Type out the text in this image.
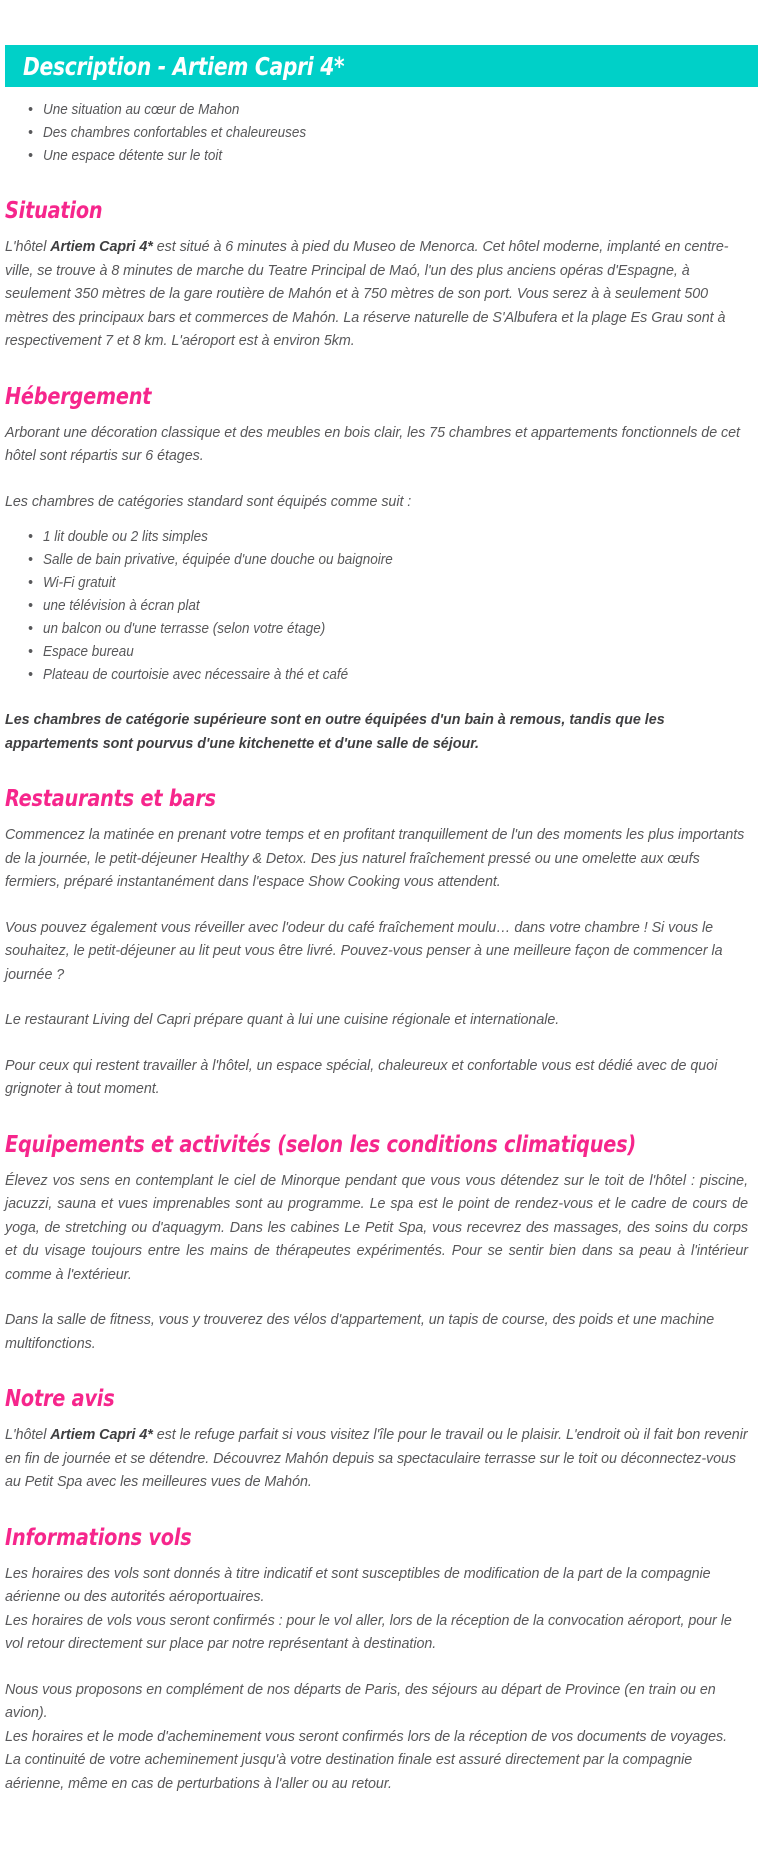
Description - Artiem Capri 4*
• Une situation au cœur de Mahon
• Des chambres confortables et chaleureuses
• Une espace détente sur le toit
Situation

L'hôtel Artiem Capri 4* est situé à 6 minutes à pied du Museo de Menorca. Cet hôtel moderne, implanté en centre-ville, se trouve à 8 minutes de marche du Teatre Principal de Maó, l'un des plus anciens opéras d'Espagne, à seulement 350 mètres de la gare routière de Mahón et à 750 mètres de son port. Vous serez à à seulement 500 mètres des principaux bars et commerces de Mahón. La réserve naturelle de S'Albufera et la plage Es Grau sont à respectivement 7 et 8 km. L'aéroport est à environ 5km.

Hébergement

Arborant une décoration classique et des meubles en bois clair, les 75 chambres et appartements fonctionnels de cet hôtel sont répartis sur 6 étages.

Les chambres de catégories standard sont équipés comme suit :

• 1 lit double ou 2 lits simples
• Salle de bain privative, équipée d'une douche ou baignoire
• Wi-Fi gratuit
• une télévision à écran plat
• un balcon ou d'une terrasse (selon votre étage)
• Espace bureau
• Plateau de courtoisie avec nécessaire à thé et café

Les chambres de catégorie supérieure sont en outre équipées d'un bain à remous, tandis que les appartements sont pourvus d'une kitchenette et d'une salle de séjour.

Restaurants et bars

Commencez la matinée en prenant votre temps et en profitant tranquillement de l'un des moments les plus importants de la journée, le petit-déjeuner Healthy & Detox. Des jus naturel fraîchement pressé ou une omelette aux œufs fermiers, préparé instantanément dans l'espace Show Cooking vous attendent.

Vous pouvez également vous réveiller avec l'odeur du café fraîchement moulu… dans votre chambre ! Si vous le souhaitez, le petit-déjeuner au lit peut vous être livré. Pouvez-vous penser à une meilleure façon de commencer la journée ?

Le restaurant Living del Capri prépare quant à lui une cuisine régionale et internationale.

Pour ceux qui restent travailler à l'hôtel, un espace spécial, chaleureux et confortable vous est dédié avec de quoi grignoter à tout moment.

Equipements et activités (selon les conditions climatiques)

Élevez vos sens en contemplant le ciel de Minorque pendant que vous vous détendez sur le toit de l'hôtel : piscine, jacuzzi, sauna et vues imprenables sont au programme. Le spa est le point de rendez-vous et le cadre de cours de yoga, de stretching ou d'aquagym. Dans les cabines Le Petit Spa, vous recevrez des massages, des soins du corps et du visage toujours entre les mains de thérapeutes expérimentés. Pour se sentir bien dans sa peau à l'intérieur comme à l'extérieur.

Dans la salle de fitness, vous y trouverez des vélos d'appartement, un tapis de course, des poids et une machine multifonctions.

Notre avis

L'hôtel Artiem Capri 4* est le refuge parfait si vous visitez l'île pour le travail ou le plaisir. L'endroit où il fait bon revenir en fin de journée et se détendre. Découvrez Mahón depuis sa spectaculaire terrasse sur le toit ou déconnectez-vous au Petit Spa avec les meilleures vues de Mahón.

Informations vols

Les horaires des vols sont donnés à titre indicatif et sont susceptibles de modification de la part de la compagnie aérienne ou des autorités aéroportuaires.
Les horaires de vols vous seront confirmés : pour le vol aller, lors de la réception de la convocation aéroport, pour le vol retour directement sur place par notre représentant à destination.

Nous vous proposons en complément de nos départs de Paris, des séjours au départ de Province (en train ou en avion).
Les horaires et le mode d'acheminement vous seront confirmés lors de la réception de vos documents de voyages.
La continuité de votre acheminement jusqu'à votre destination finale est assuré directement par la compagnie aérienne, même en cas de perturbations à l'aller ou au retour.
